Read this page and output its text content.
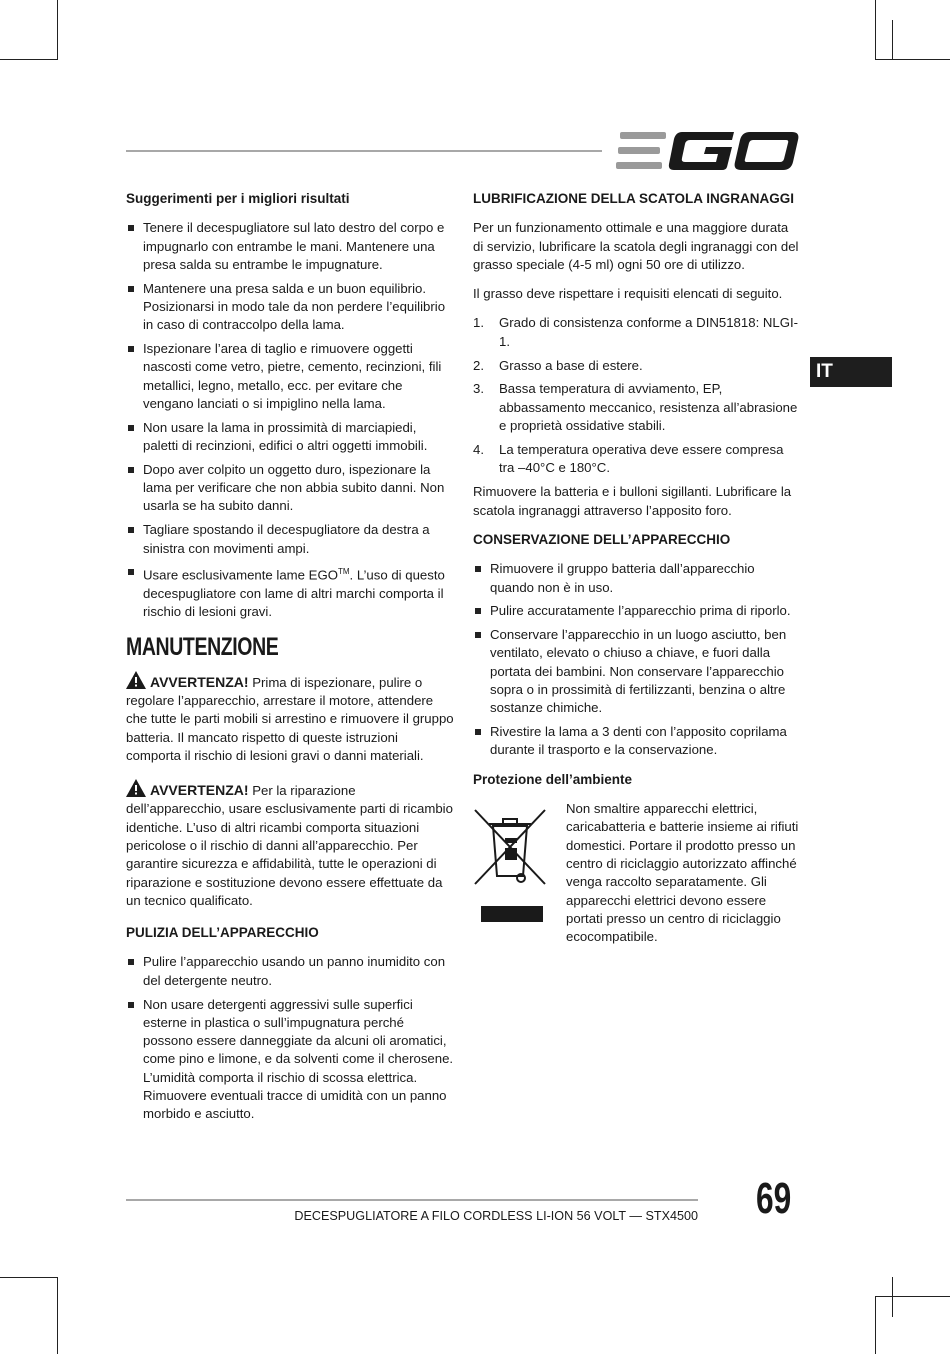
IT
Suggerimenti per i migliori risultati
Tenere il decespugliatore sul lato destro del corpo e impugnarlo con entrambe le mani. Mantenere una presa salda su entrambe le impugnature.
Mantenere una presa salda e un buon equilibrio. Posizionarsi in modo tale da non perdere l’equilibrio in caso di contraccolpo della lama.
Ispezionare l’area di taglio e rimuovere oggetti nascosti come vetro, pietre, cemento, recinzioni, fili metallici, legno, metallo, ecc. per evitare che vengano lanciati o si impiglino nella lama.
Non usare la lama in prossimità di marciapiedi, paletti di recinzioni, edifici o altri oggetti immobili.
Dopo aver colpito un oggetto duro, ispezionare la lama per verificare che non abbia subito danni. Non usarla se ha subito danni.
Tagliare spostando il decespugliatore da destra a sinistra con movimenti ampi.
Usare esclusivamente lame EGO™. L’uso di questo decespugliatore con lame di altri marchi comporta il rischio di lesioni gravi.
MANUTENZIONE

AVVERTENZA! Prima di ispezionare, pulire o regolare l’apparecchio, arrestare il motore, attendere che tutte le parti mobili si arrestino e rimuovere il gruppo batteria. Il mancato rispetto di queste istruzioni comporta il rischio di lesioni gravi o danni materiali.

AVVERTENZA! Per la riparazione dell’apparecchio, usare esclusivamente parti di ricambio identiche. L’uso di altri ricambi comporta situazioni pericolose o il rischio di danni all’apparecchio. Per garantire sicurezza e affidabilità, tutte le operazioni di riparazione e sostituzione devono essere effettuate da un tecnico qualificato.

PULIZIA DELL’APPARECCHIO
Pulire l’apparecchio usando un panno inumidito con del detergente neutro.
Non usare detergenti aggressivi sulle superfici esterne in plastica o sull’impugnatura perché possono essere danneggiate da alcuni oli aromatici, come pino e limone, e da solventi come il cherosene. L’umidità comporta il rischio di scossa elettrica. Rimuovere eventuali tracce di umidità con un panno morbido e asciutto.
LUBRIFICAZIONE DELLA SCATOLA INGRANAGGI

Per un funzionamento ottimale e una maggiore durata di servizio, lubrificare la scatola degli ingranaggi con del grasso speciale (4-5 ml) ogni 50 ore di utilizzo.

Il grasso deve rispettare i requisiti elencati di seguito.

1. Grado di consistenza conforme a DIN51818: NLGI-1.
2. Grasso a base di estere.
3. Bassa temperatura di avviamento, EP, abbassamento meccanico, resistenza all’abrasione e proprietà ossidative stabili.
4. La temperatura operativa deve essere compresa tra –40°C e 180°C.

Rimuovere la batteria e i bulloni sigillanti. Lubrificare la scatola ingranaggi attraverso l’apposito foro.

CONSERVAZIONE DELL’APPARECCHIO
Rimuovere il gruppo batteria dall’apparecchio quando non è in uso.
Pulire accuratamente l’apparecchio prima di riporlo.
Conservare l’apparecchio in un luogo asciutto, ben ventilato, elevato o chiuso a chiave, e fuori dalla portata dei bambini. Non conservare l’apparecchio sopra o in prossimità di fertilizzanti, benzina o altre sostanze chimiche.
Rivestire la lama a 3 denti con l’apposito coprilama durante il trasporto e la conservazione.
Protezione dell’ambiente
Non smaltire apparecchi elettrici, caricabatteria e batterie insieme ai rifiuti domestici. Portare il prodotto presso un centro di riciclaggio autorizzato affinché venga raccolto separatamente. Gli apparecchi elettrici devono essere portati presso un centro di riciclaggio ecocompatibile.
DECESPUGLIATORE A FILO CORDLESS LI-ION 56 VOLT — STX4500 69
